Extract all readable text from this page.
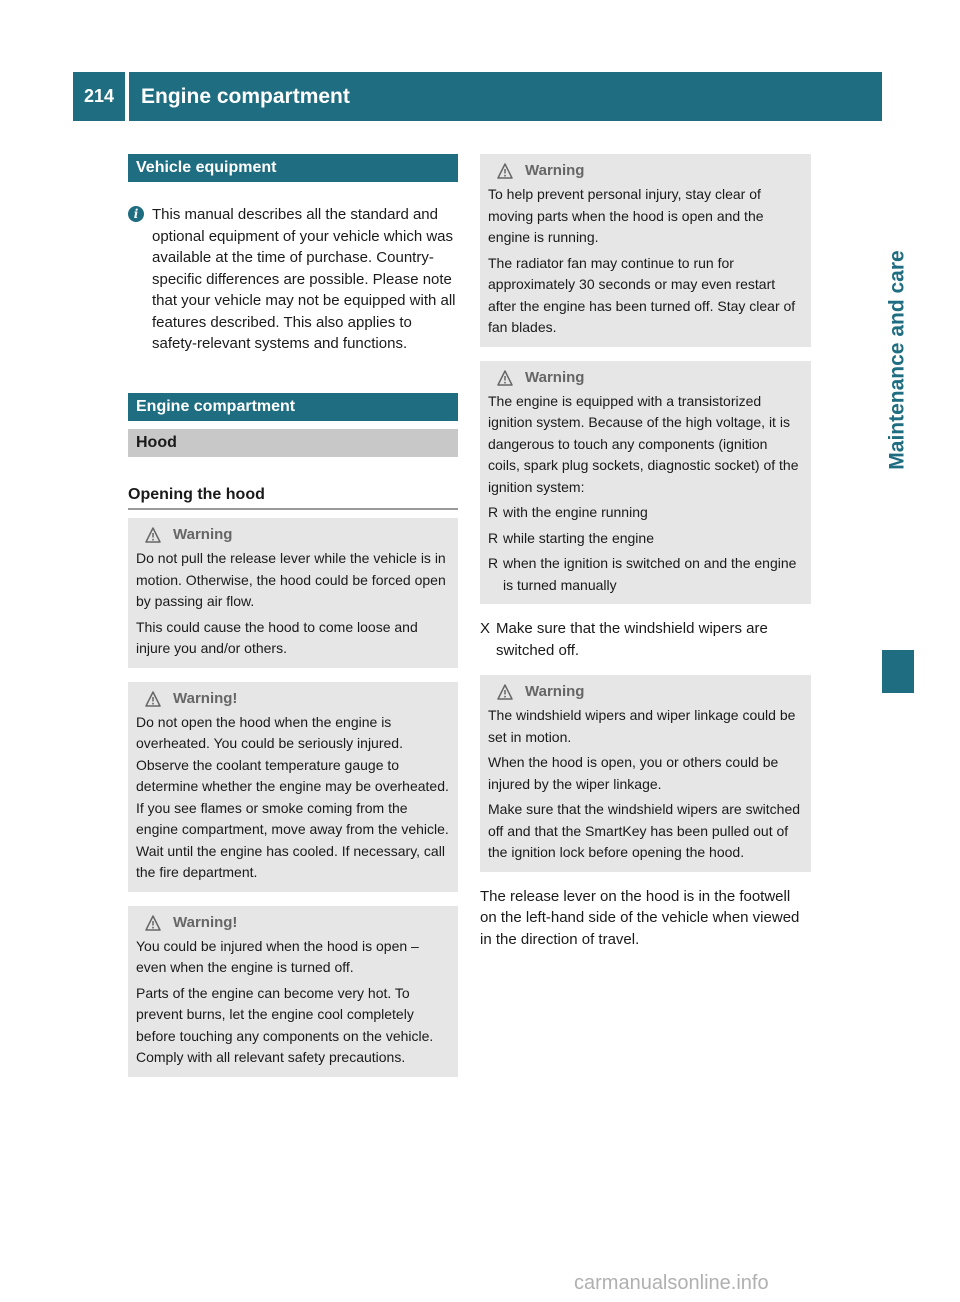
214	Engine compartment
Maintenance and care
Vehicle equipment
i This manual describes all the standard and optional equipment of your vehicle which was available at the time of purchase. Country-specific differences are possible. Please note that your vehicle may not be equipped with all features described. This also applies to safety-relevant systems and functions.
Engine compartment
Hood
Opening the hood
Warning

Do not pull the release lever while the vehicle is in motion. Otherwise, the hood could be forced open by passing air flow.

This could cause the hood to come loose and injure you and/or others.

Warning!

Do not open the hood when the engine is overheated. You could be seriously injured. Observe the coolant temperature gauge to determine whether the engine may be overheated. If you see flames or smoke coming from the engine compartment, move away from the vehicle. Wait until the engine has cooled. If necessary, call the fire department.

Warning!

You could be injured when the hood is open – even when the engine is turned off.

Parts of the engine can become very hot. To prevent burns, let the engine cool completely before touching any components on the vehicle. Comply with all relevant safety precautions.

Warning

To help prevent personal injury, stay clear of moving parts when the hood is open and the engine is running.

The radiator fan may continue to run for approximately 30 seconds or may even restart after the engine has been turned off. Stay clear of fan blades.

Warning

The engine is equipped with a transistorized ignition system. Because of the high voltage, it is dangerous to touch any components (ignition coils, spark plug sockets, diagnostic socket) of the ignition system:

R with the engine running
R while starting the engine
R when the ignition is switched on and the engine is turned manually
X Make sure that the windshield wipers are switched off.
Warning

The windshield wipers and wiper linkage could be set in motion.

When the hood is open, you or others could be injured by the wiper linkage.

Make sure that the windshield wipers are switched off and that the SmartKey has been pulled out of the ignition lock before opening the hood.

The release lever on the hood is in the footwell on the left-hand side of the vehicle when viewed in the direction of travel.
carmanualsonline.info
